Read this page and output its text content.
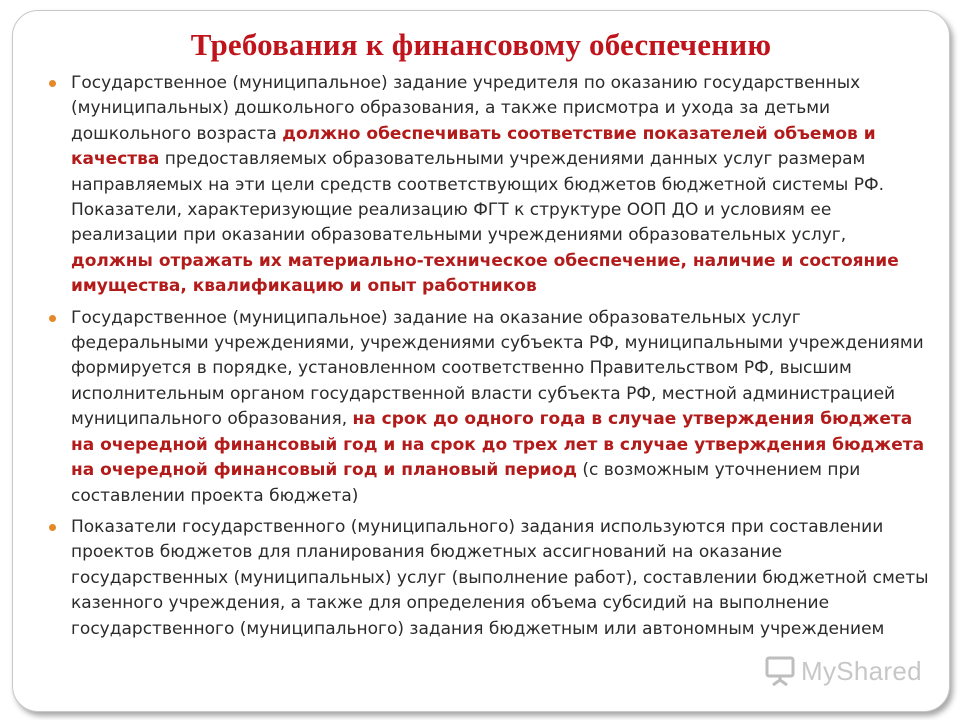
Требования к финансовому обеспечению
Государственное (муниципальное) задание учредителя по оказанию государственных (муниципальных) дошкольного образования, а также присмотра и ухода за детьми дошкольного возраста должно обеспечивать соответствие показателей объемов и качества предоставляемых образовательными учреждениями данных услуг размерам направляемых на эти цели средств соответствующих бюджетов бюджетной системы РФ. Показатели, характеризующие реализацию ФГТ к структуре ООП ДО и условиям ее реализации при оказании образовательными учреждениями образовательных услуг, должны отражать их материально-техническое обеспечение, наличие и состояние имущества, квалификацию и опыт работников
Государственное (муниципальное) задание на оказание образовательных услуг федеральными учреждениями, учреждениями субъекта РФ, муниципальными учреждениями формируется в порядке, установленном соответственно Правительством РФ, высшим исполнительным органом государственной власти субъекта РФ, местной администрацией муниципального образования, на срок до одного года в случае утверждения бюджета на очередной финансовый год и на срок до трех лет в случае утверждения бюджета на очередной финансовый год и плановый период (с возможным уточнением при составлении проекта бюджета)
Показатели государственного (муниципального) задания используются при составлении проектов бюджетов для планирования бюджетных ассигнований на оказание государственных (муниципальных) услуг (выполнение работ), составлении бюджетной сметы казенного учреждения, а также для определения объема субсидий на выполнение государственного (муниципального) задания бюджетным или автономным учреждением
MyShared
